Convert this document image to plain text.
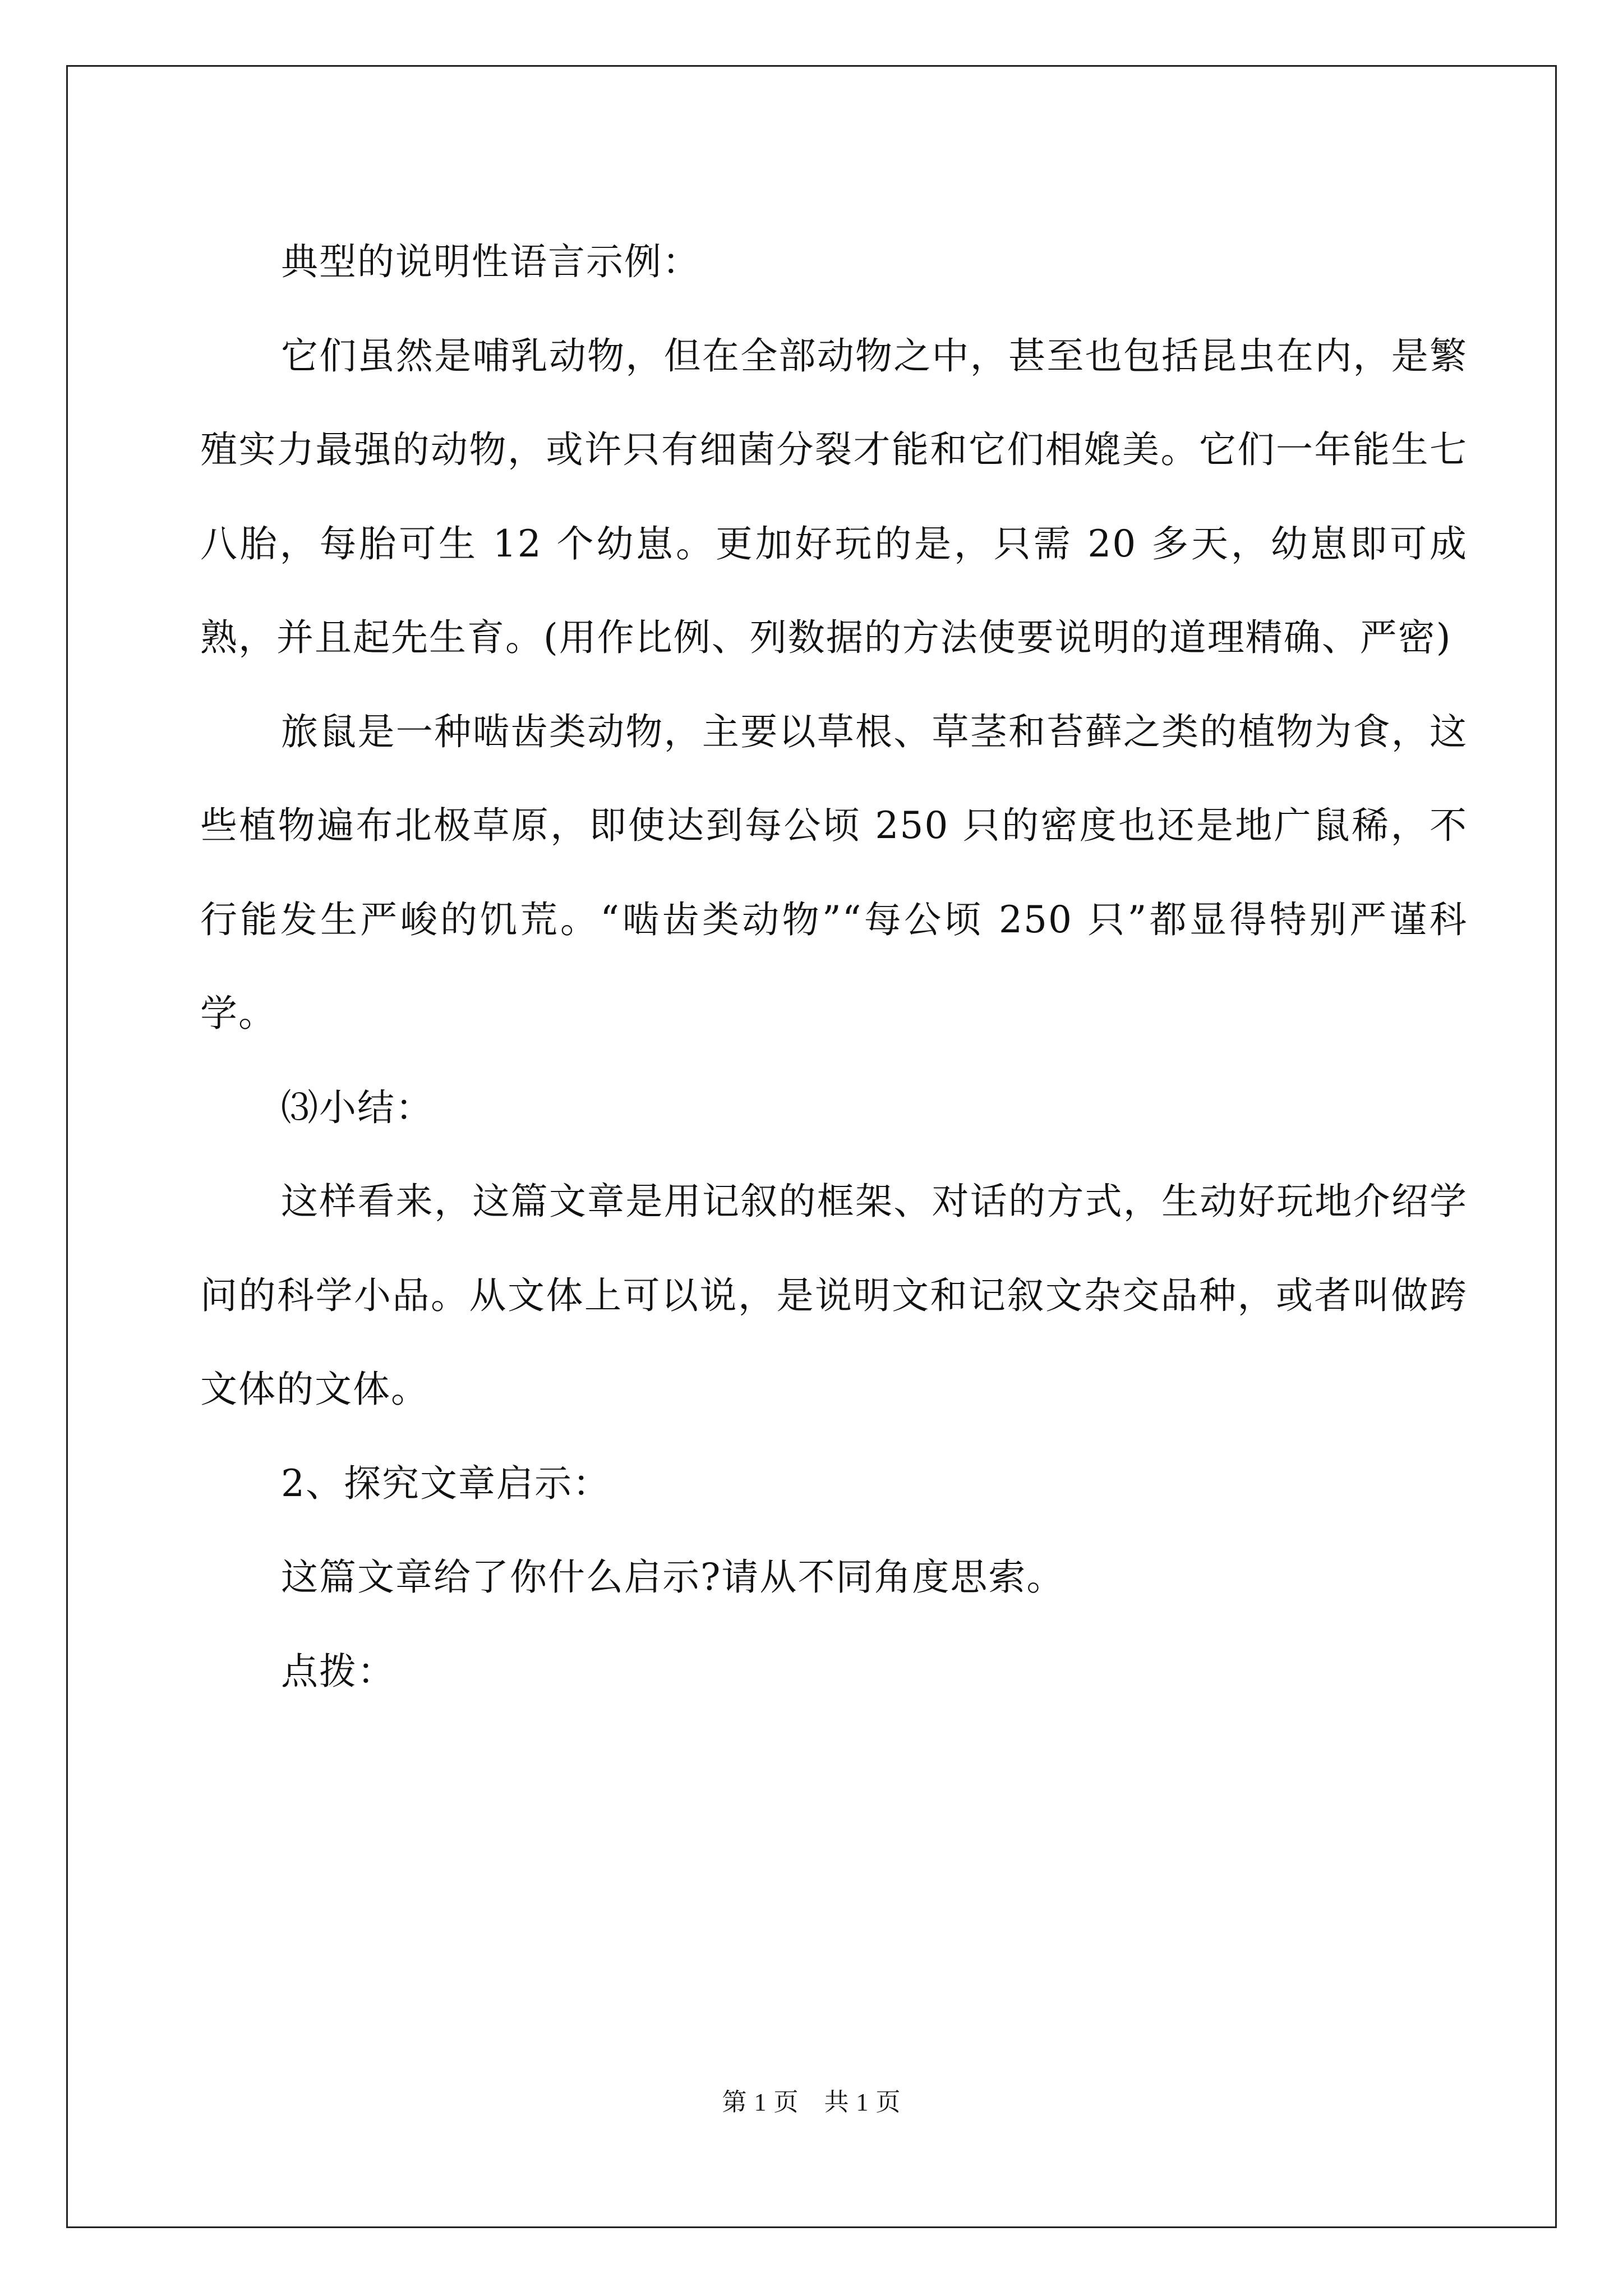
典型的说明性语言示例：

它们虽然是哺乳动物，但在全部动物之中，甚至也包括昆虫在内，是繁殖实力最强的动物，或许只有细菌分裂才能和它们相媲美。它们一年能生七八胎，每胎可生 12 个幼崽。更加好玩的是，只需 20 多天，幼崽即可成熟，并且起先生育。(用作比例、列数据的方法使要说明的道理精确、严密)

旅鼠是一种啮齿类动物，主要以草根、草茎和苔藓之类的植物为食，这些植物遍布北极草原，即使达到每公顷 250 只的密度也还是地广鼠稀，不行能发生严峻的饥荒。“啮齿类动物”“每公顷 250 只”都显得特别严谨科学。

⑶小结：

这样看来，这篇文章是用记叙的框架、对话的方式，生动好玩地介绍学问的科学小品。从文体上可以说，是说明文和记叙文杂交品种，或者叫做跨文体的文体。

2、探究文章启示：

这篇文章给了你什么启示?请从不同角度思索。

点拨：

第 1 页　共 1 页
